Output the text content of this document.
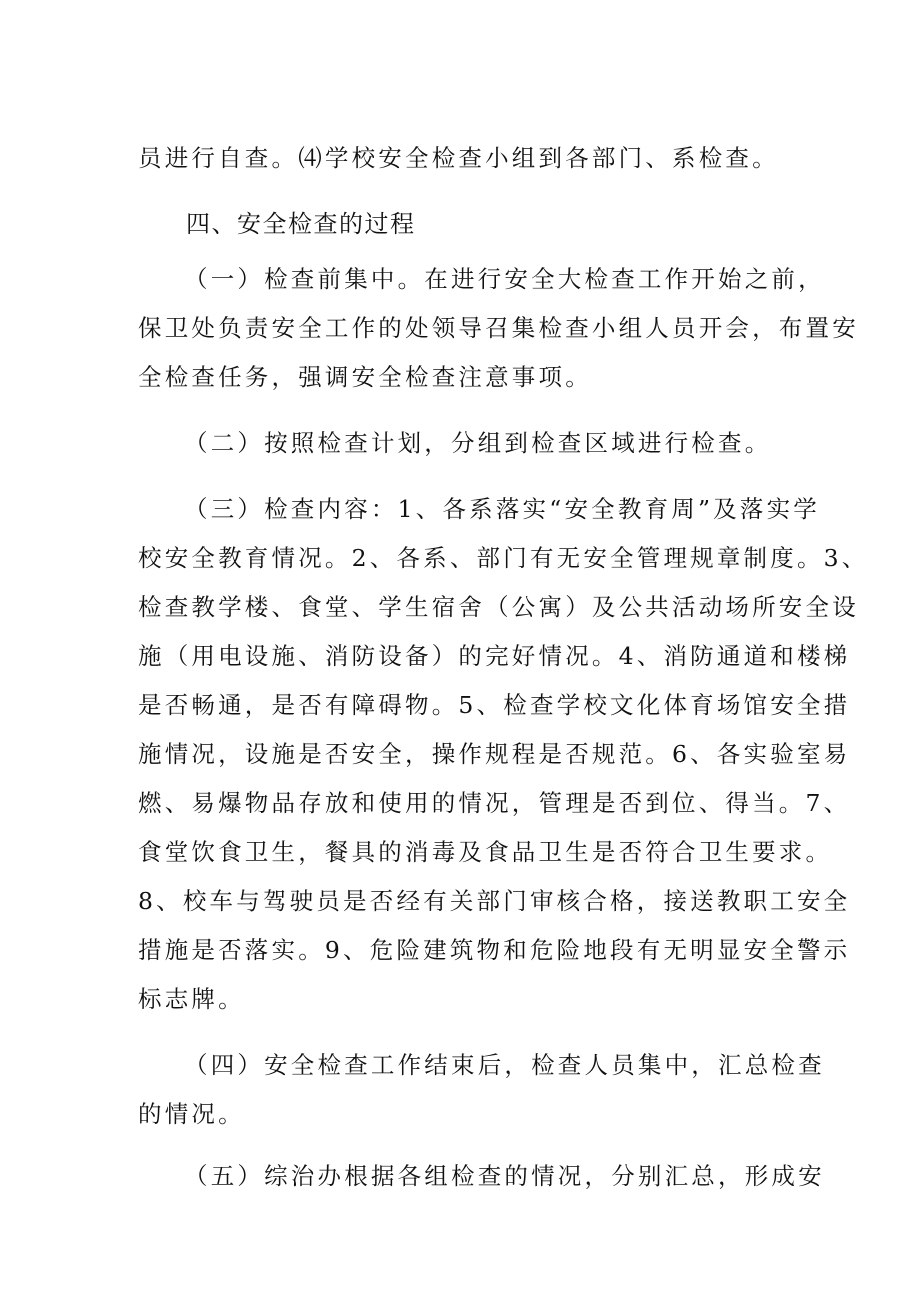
员进行自查。⑷学校安全检查小组到各部门、系检查。
四、安全检查的过程
（一）检查前集中。在进行安全大检查工作开始之前，
保卫处负责安全工作的处领导召集检查小组人员开会，布置安
全检查任务，强调安全检查注意事项。
（二）按照检查计划，分组到检查区域进行检查。
（三）检查内容：1、各系落实“安全教育周”及落实学
校安全教育情况。2、各系、部门有无安全管理规章制度。3、
检查教学楼、食堂、学生宿舍（公寓）及公共活动场所安全设
施（用电设施、消防设备）的完好情况。4、消防通道和楼梯
是否畅通，是否有障碍物。5、检查学校文化体育场馆安全措
施情况，设施是否安全，操作规程是否规范。6、各实验室易
燃、易爆物品存放和使用的情况，管理是否到位、得当。7、
食堂饮食卫生，餐具的消毒及食品卫生是否符合卫生要求。
8、校车与驾驶员是否经有关部门审核合格，接送教职工安全
措施是否落实。9、危险建筑物和危险地段有无明显安全警示
标志牌。
（四）安全检查工作结束后，检查人员集中，汇总检查
的情况。
（五）综治办根据各组检查的情况，分别汇总，形成安
